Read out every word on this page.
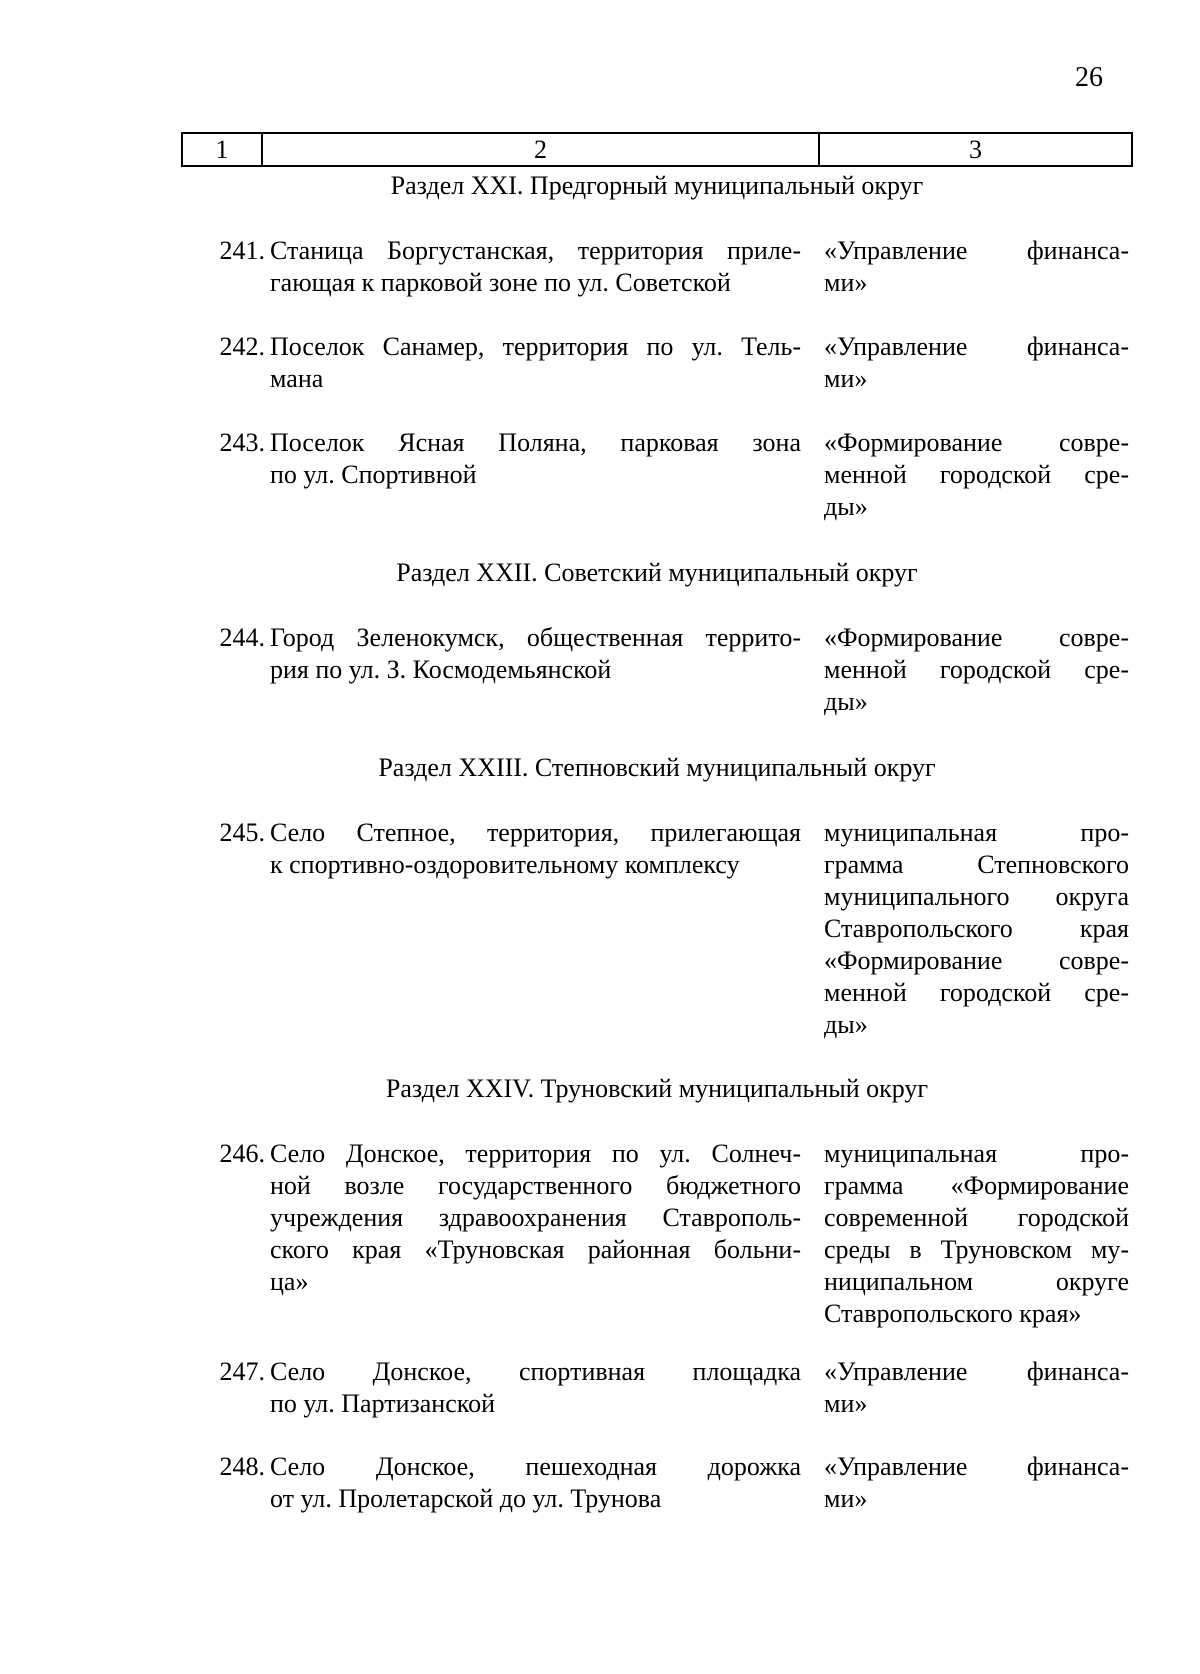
26
1	2	3
Раздел XXI. Предгорный муниципальный округ
241. Станица Боргустанская, территория приле-
гающая к парковой зоне по ул. Советской
«Управление финанса-
ми»
242. Поселок Санамер, территория по ул. Тель-
мана
«Управление финанса-
ми»
243. Поселок Ясная Поляна, парковая зона
по ул. Спортивной
«Формирование совре-
менной городской сре-
ды»
Раздел XXII. Советский муниципальный округ
244. Город Зеленокумск, общественная террито-
рия по ул. З. Космодемьянской
«Формирование совре-
менной городской сре-
ды»
Раздел XXIII. Степновский муниципальный округ
245. Село Степное, территория, прилегающая
к спортивно-оздоровительному комплексу
муниципальная про-
грамма Степновского
муниципального округа
Ставропольского края
«Формирование совре-
менной городской сре-
ды»
Раздел XXIV. Труновский муниципальный округ
246. Село Донское, территория по ул. Солнеч-
ной возле государственного бюджетного
учреждения здравоохранения Ставрополь-
ского края «Труновская районная больни-
ца»
муниципальная про-
грамма «Формирование
современной городской
среды в Труновском му-
ниципальном округе
Ставропольского края»
247. Село Донское, спортивная площадка
по ул. Партизанской
«Управление финанса-
ми»
248. Село Донское, пешеходная дорожка
от ул. Пролетарской до ул. Трунова
«Управление финанса-
ми»
